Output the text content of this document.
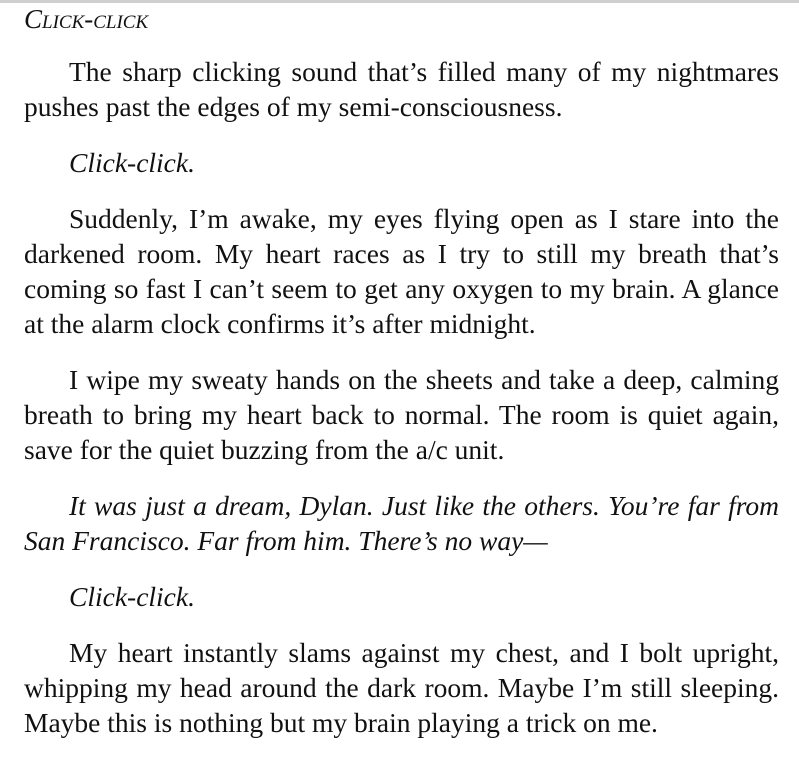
Click-click

The sharp clicking sound that’s filled many of my nightmares pushes past the edges of my semi-consciousness.

Click-click.

Suddenly, I’m awake, my eyes flying open as I stare into the darkened room. My heart races as I try to still my breath that’s coming so fast I can’t seem to get any oxygen to my brain. A glance at the alarm clock confirms it’s after midnight.

I wipe my sweaty hands on the sheets and take a deep, calming breath to bring my heart back to normal. The room is quiet again, save for the quiet buzzing from the a/c unit.

It was just a dream, Dylan. Just like the others. You’re far from San Francisco. Far from him. There’s no way—

Click-click.

My heart instantly slams against my chest, and I bolt upright, whipping my head around the dark room. Maybe I’m still sleeping. Maybe this is nothing but my brain playing a trick on me.
